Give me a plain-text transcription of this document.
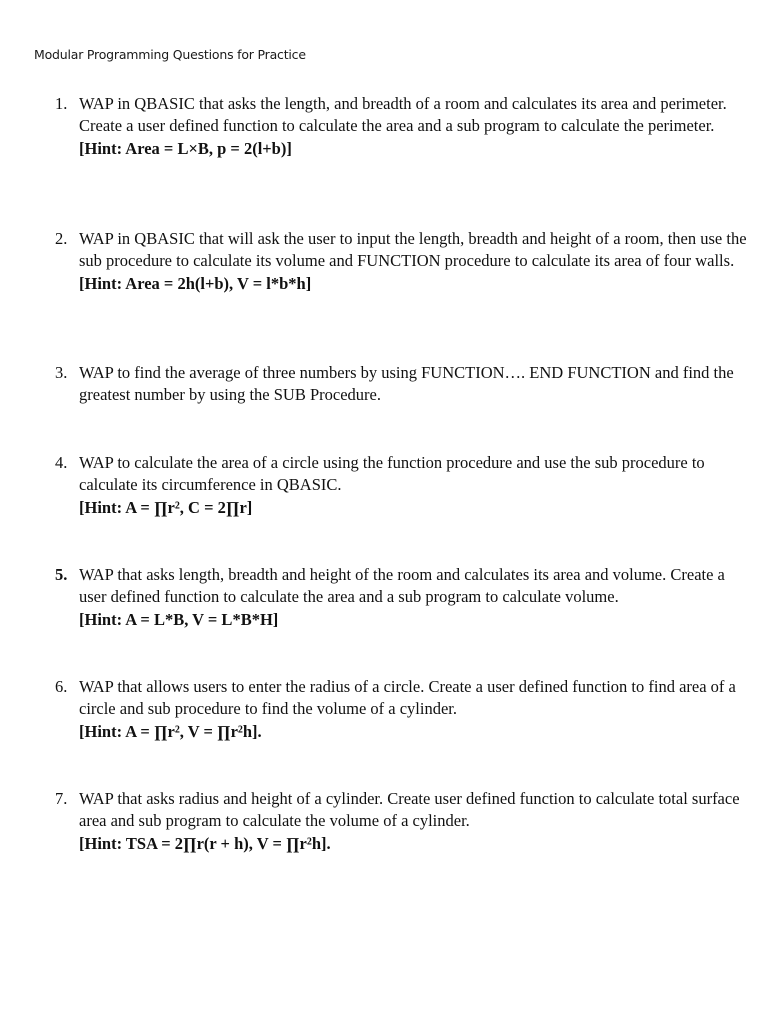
Modular Programming Questions for Practice
1. WAP in QBASIC that asks the length, and breadth of a room and calculates its area and perimeter. Create a user defined function to calculate the area and a sub program to calculate the perimeter.
[Hint: Area = L×B, p = 2(l+b)]
2. WAP in QBASIC that will ask the user to input the length, breadth and height of a room, then use the sub procedure to calculate its volume and FUNCTION procedure to calculate its area of four walls.
[Hint: Area = 2h(l+b), V = l*b*h]
3. WAP to find the average of three numbers by using FUNCTION…. END FUNCTION and find the greatest number by using the SUB Procedure.
4. WAP to calculate the area of a circle using the function procedure and use the sub procedure to calculate its circumference in QBASIC.
[Hint: A = ∏r², C = 2∏r]
5. WAP that asks length, breadth and height of the room and calculates its area and volume. Create a user defined function to calculate the area and a sub program to calculate volume.
[Hint: A = L*B, V = L*B*H]
6. WAP that allows users to enter the radius of a circle. Create a user defined function to find area of a circle and sub procedure to find the volume of a cylinder.
[Hint: A = ∏r², V = ∏r²h].
7. WAP that asks radius and height of a cylinder. Create user defined function to calculate total surface area and sub program to calculate the volume of a cylinder.
[Hint: TSA = 2∏r(r + h), V = ∏r²h].
